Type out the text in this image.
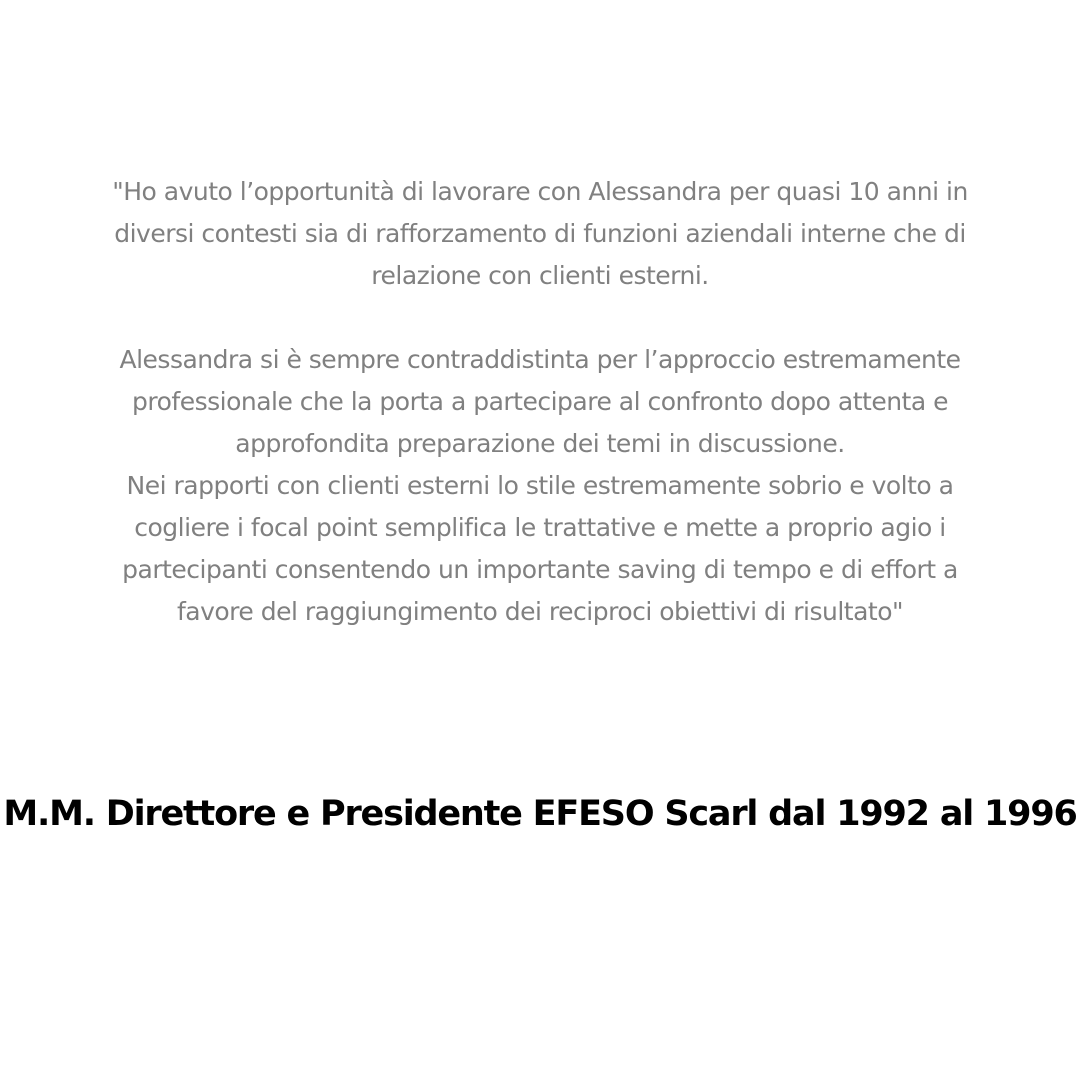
"Ho avuto l’opportunità di lavorare con Alessandra per quasi 10 anni in
diversi contesti sia di rafforzamento di funzioni aziendali interne che di
relazione con clienti esterni.
Alessandra si è sempre contraddistinta per l’approccio estremamente
professionale che la porta a partecipare al confronto dopo attenta e
approfondita preparazione dei temi in discussione.
Nei rapporti con clienti esterni lo stile estremamente sobrio e volto a
cogliere i focal point semplifica le trattative e mette a proprio agio i
partecipanti consentendo un importante saving di tempo e di effort a
favore del raggiungimento dei reciproci obiettivi di risultato"
M.M. Direttore e Presidente EFESO Scarl dal 1992 al 1996
